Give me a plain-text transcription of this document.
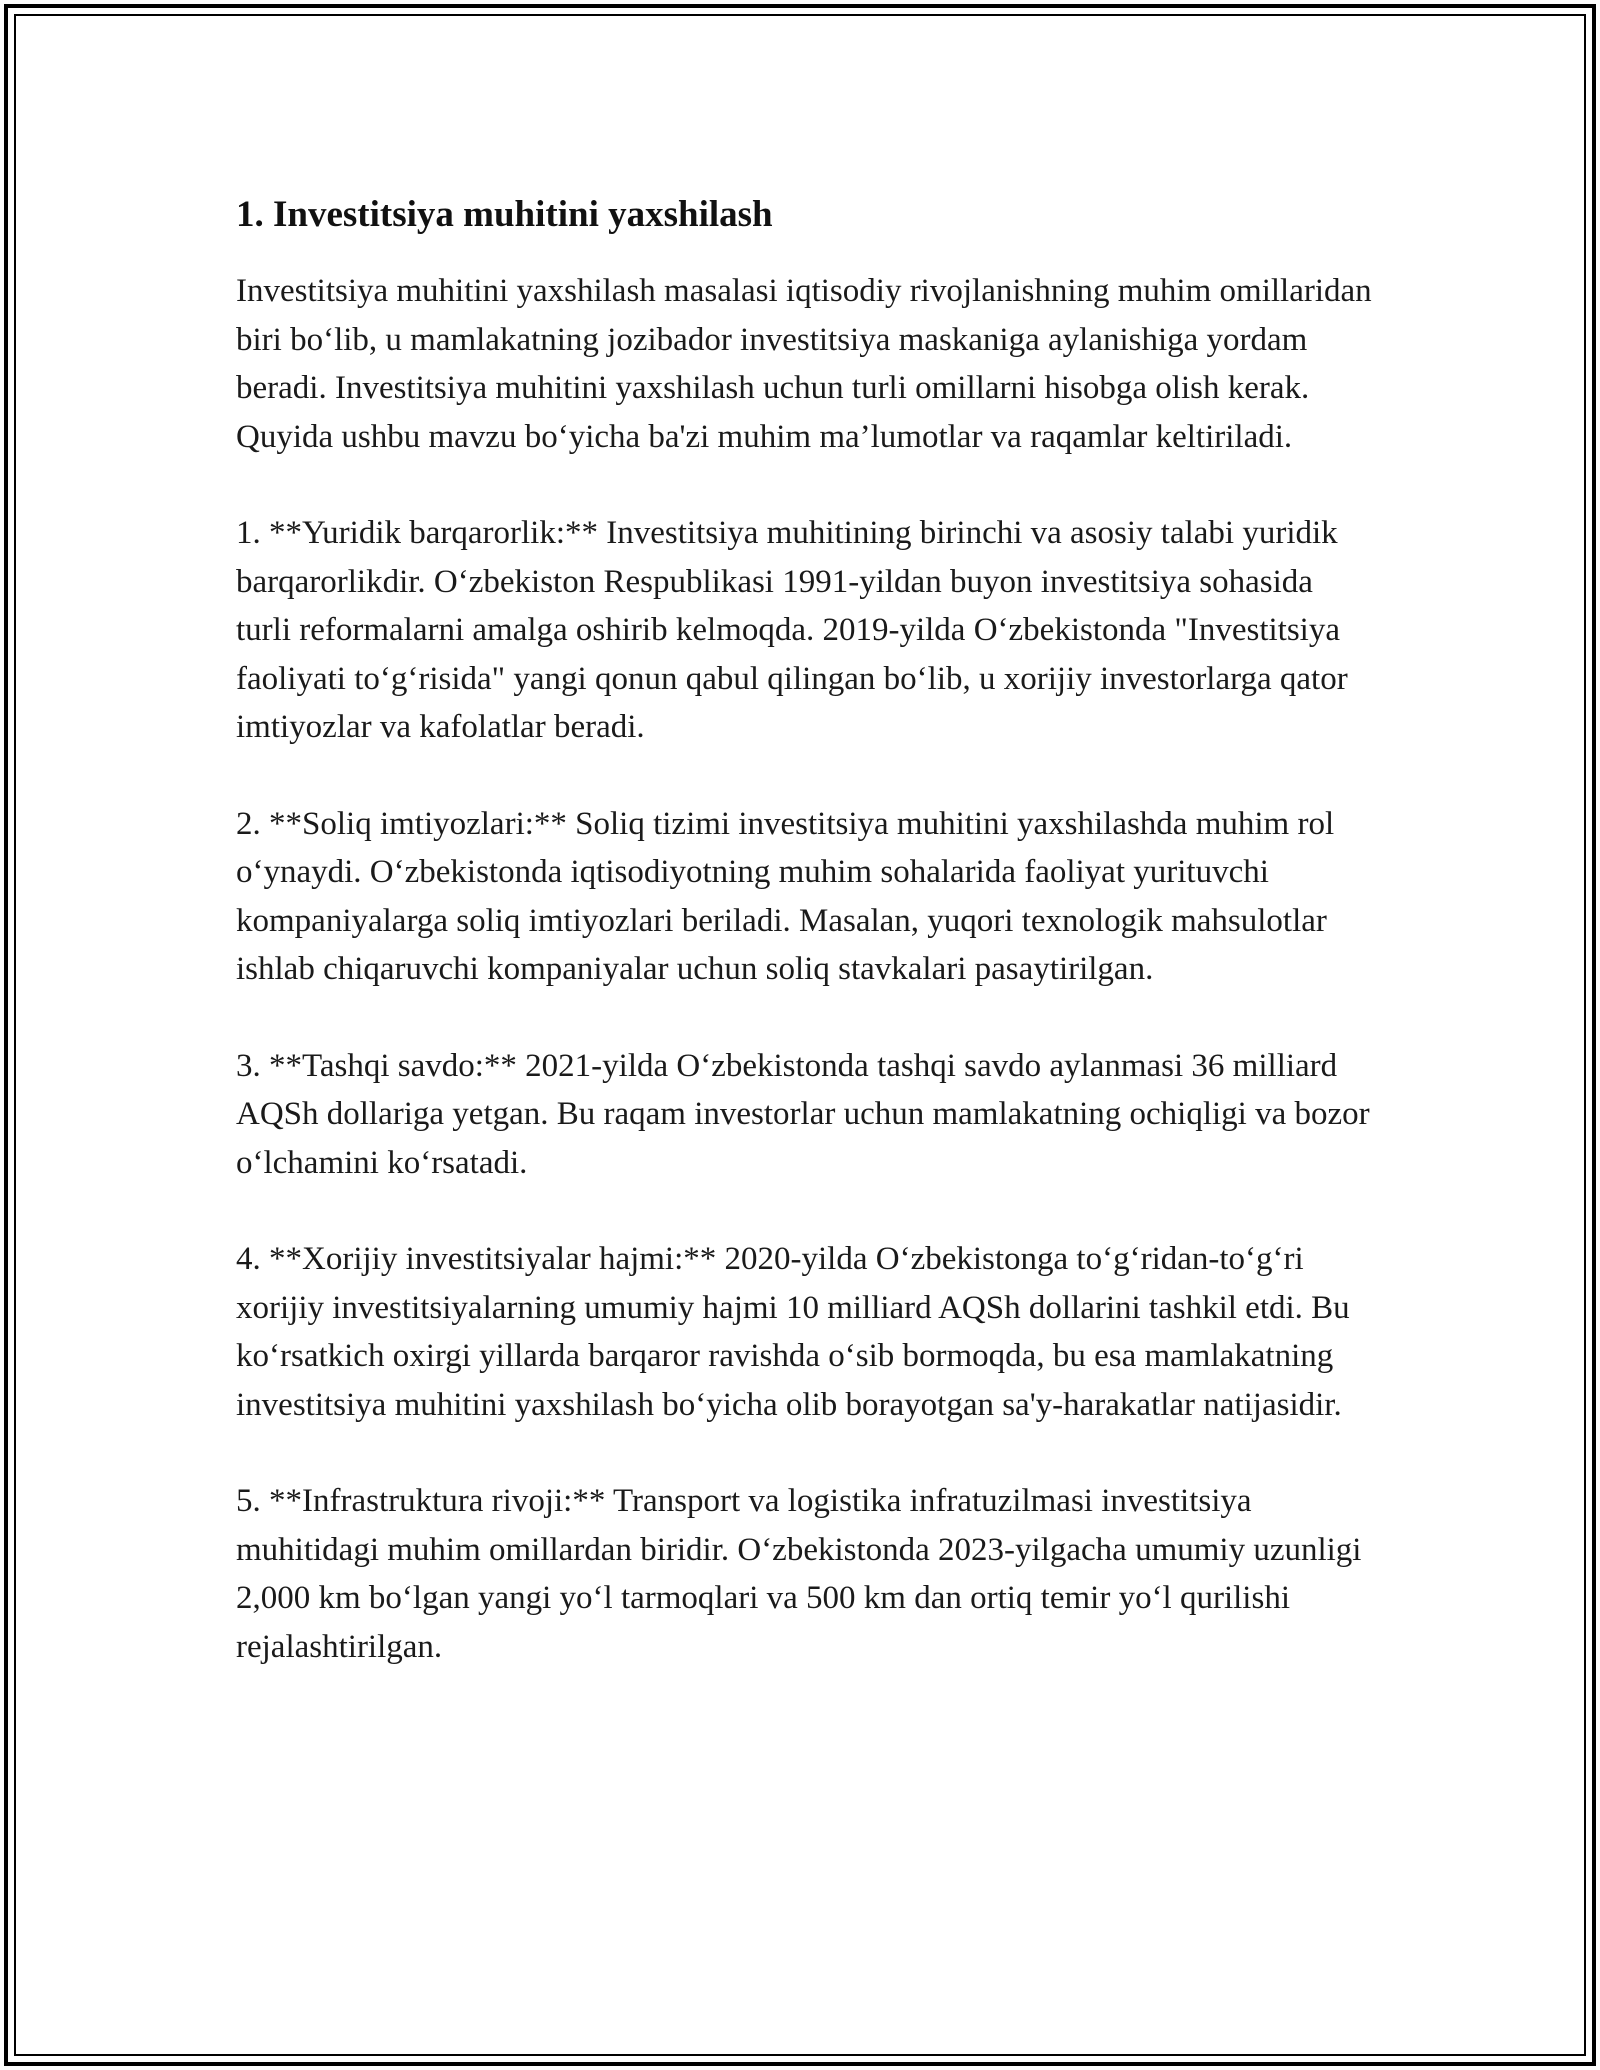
1. Investitsiya muhitini yaxshilash

Investitsiya muhitini yaxshilash masalasi iqtisodiy rivojlanishning muhim omillaridan biri bo‘lib, u mamlakatning jozibador investitsiya maskaniga aylanishiga yordam beradi. Investitsiya muhitini yaxshilash uchun turli omillarni hisobga olish kerak. Quyida ushbu mavzu bo‘yicha ba'zi muhim ma’lumotlar va raqamlar keltiriladi.

1. **Yuridik barqarorlik:** Investitsiya muhitining birinchi va asosiy talabi yuridik barqarorlikdir. O‘zbekiston Respublikasi 1991-yildan buyon investitsiya sohasida turli reformalarni amalga oshirib kelmoqda. 2019-yilda O‘zbekistonda "Investitsiya faoliyati to‘g‘risida" yangi qonun qabul qilingan bo‘lib, u xorijiy investorlarga qator imtiyozlar va kafolatlar beradi.

2. **Soliq imtiyozlari:** Soliq tizimi investitsiya muhitini yaxshilashda muhim rol o‘ynaydi. O‘zbekistonda iqtisodiyotning muhim sohalarida faoliyat yurituvchi kompaniyalarga soliq imtiyozlari beriladi. Masalan, yuqori texnologik mahsulotlar ishlab chiqaruvchi kompaniyalar uchun soliq stavkalari pasaytirilgan.

3. **Tashqi savdo:** 2021-yilda O‘zbekistonda tashqi savdo aylanmasi 36 milliard AQSh dollariga yetgan. Bu raqam investorlar uchun mamlakatning ochiqligi va bozor o‘lchamini ko‘rsatadi.

4. **Xorijiy investitsiyalar hajmi:** 2020-yilda O‘zbekistonga to‘g‘ridan-to‘g‘ri xorijiy investitsiyalarning umumiy hajmi 10 milliard AQSh dollarini tashkil etdi. Bu ko‘rsatkich oxirgi yillarda barqaror ravishda o‘sib bormoqda, bu esa mamlakatning investitsiya muhitini yaxshilash bo‘yicha olib borayotgan sa'y-harakatlar natijasidir.

5. **Infrastruktura rivoji:** Transport va logistika infratuzilmasi investitsiya muhitidagi muhim omillardan biridir. O‘zbekistonda 2023-yilgacha umumiy uzunligi 2,000 km bo‘lgan yangi yo‘l tarmoqlari va 500 km dan ortiq temir yo‘l qurilishi rejalashtirilgan.
